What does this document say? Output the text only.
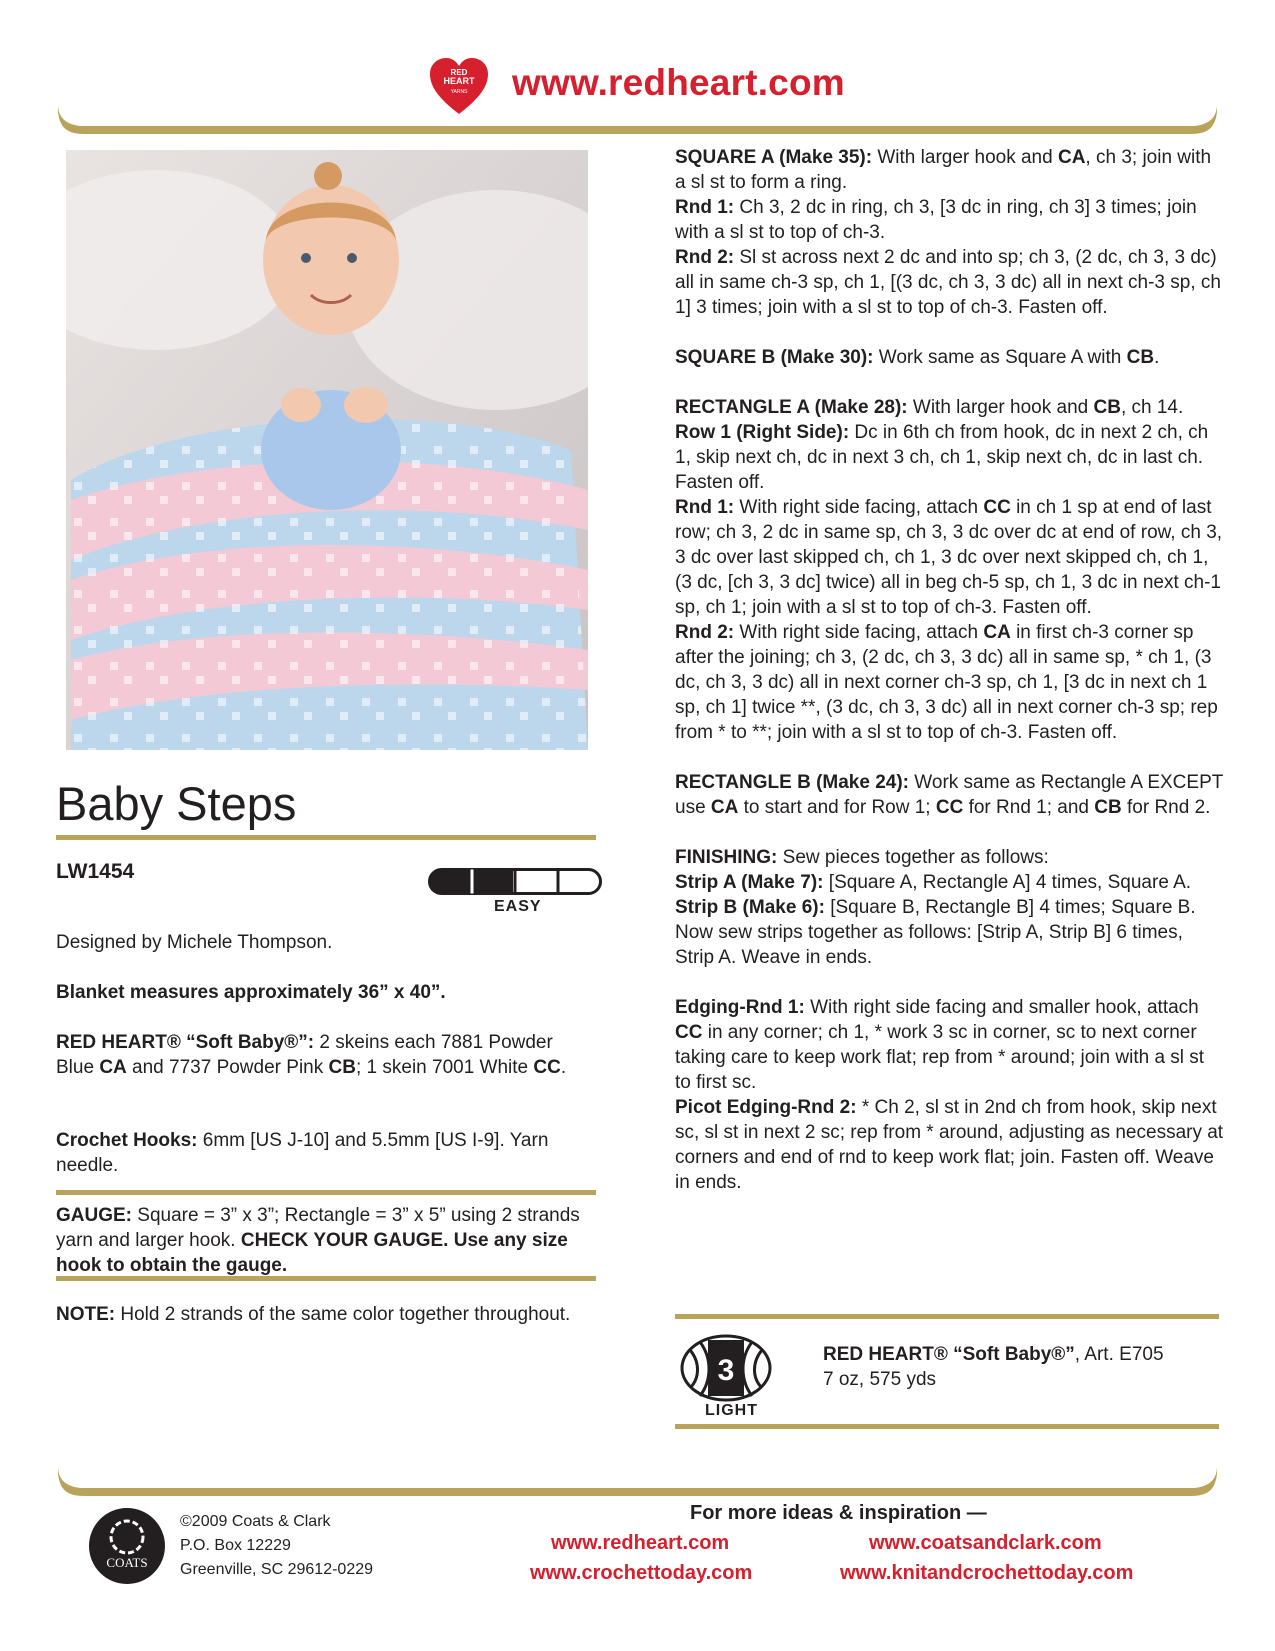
RED
HEART
YARNS www.redheart.com
Baby Steps
LW1454
EASY
Designed by Michele Thompson.
Blanket measures approximately 36” x 40”.
RED HEART® “Soft Baby®”: 2 skeins each 7881 Powder Blue CA and 7737 Powder Pink CB; 1 skein 7001 White CC.
Crochet Hooks: 6mm [US J-10] and 5.5mm [US I-9]. Yarn needle.
GAUGE: Square = 3” x 3”; Rectangle = 3” x 5” using 2 strands yarn and larger hook. CHECK YOUR GAUGE. Use any size hook to obtain the gauge.
NOTE: Hold 2 strands of the same color together throughout.

SQUARE A (Make 35): With larger hook and CA, ch 3; join with a sl st to form a ring.

Rnd 1: Ch 3, 2 dc in ring, ch 3, [3 dc in ring, ch 3] 3 times; join with a sl st to top of ch-3.

Rnd 2: Sl st across next 2 dc and into sp; ch 3, (2 dc, ch 3, 3 dc) all in same ch-3 sp, ch 1, [(3 dc, ch 3, 3 dc) all in next ch-3 sp, ch 1] 3 times; join with a sl st to top of ch-3. Fasten off.

SQUARE B (Make 30): Work same as Square A with CB.

RECTANGLE A (Make 28): With larger hook and CB, ch 14.

Row 1 (Right Side): Dc in 6th ch from hook, dc in next 2 ch, ch 1, skip next ch, dc in next 3 ch, ch 1, skip next ch, dc in last ch. Fasten off.

Rnd 1: With right side facing, attach CC in ch 1 sp at end of last row; ch 3, 2 dc in same sp, ch 3, 3 dc over dc at end of row, ch 3, 3 dc over last skipped ch, ch 1, 3 dc over next skipped ch, ch 1, (3 dc, [ch 3, 3 dc] twice) all in beg ch-5 sp, ch 1, 3 dc in next ch-1 sp, ch 1; join with a sl st to top of ch-3. Fasten off.

Rnd 2: With right side facing, attach CA in first ch-3 corner sp after the joining; ch 3, (2 dc, ch 3, 3 dc) all in same sp, * ch 1, (3 dc, ch 3, 3 dc) all in next corner ch-3 sp, ch 1, [3 dc in next ch 1 sp, ch 1] twice **, (3 dc, ch 3, 3 dc) all in next corner ch-3 sp; rep from * to **; join with a sl st to top of ch-3. Fasten off.

RECTANGLE B (Make 24): Work same as Rectangle A EXCEPT use CA to start and for Row 1; CC for Rnd 1; and CB for Rnd 2.

FINISHING: Sew pieces together as follows:

Strip A (Make 7): [Square A, Rectangle A] 4 times, Square A.

Strip B (Make 6): [Square B, Rectangle B] 4 times; Square B.

Now sew strips together as follows: [Strip A, Strip B] 6 times, Strip A. Weave in ends.

Edging-Rnd 1: With right side facing and smaller hook, attach CC in any corner; ch 1, * work 3 sc in corner, sc to next corner taking care to keep work flat; rep from * around; join with a sl st to first sc.

Picot Edging-Rnd 2: * Ch 2, sl st in 2nd ch from hook, skip next sc, sl st in next 2 sc; rep from * around, adjusting as necessary at corners and end of rnd to keep work flat; join. Fasten off. Weave in ends.

3
LIGHT

RED HEART® “Soft Baby®”, Art. E705

7 oz, 575 yds

COATS
©2009 Coats & Clark
P.O. Box 12229
Greenville, SC 29612-0229
For more ideas & inspiration —
www.redheart.com	www.coatsandclark.com
www.crochettoday.com	www.knitandcrochettoday.com
